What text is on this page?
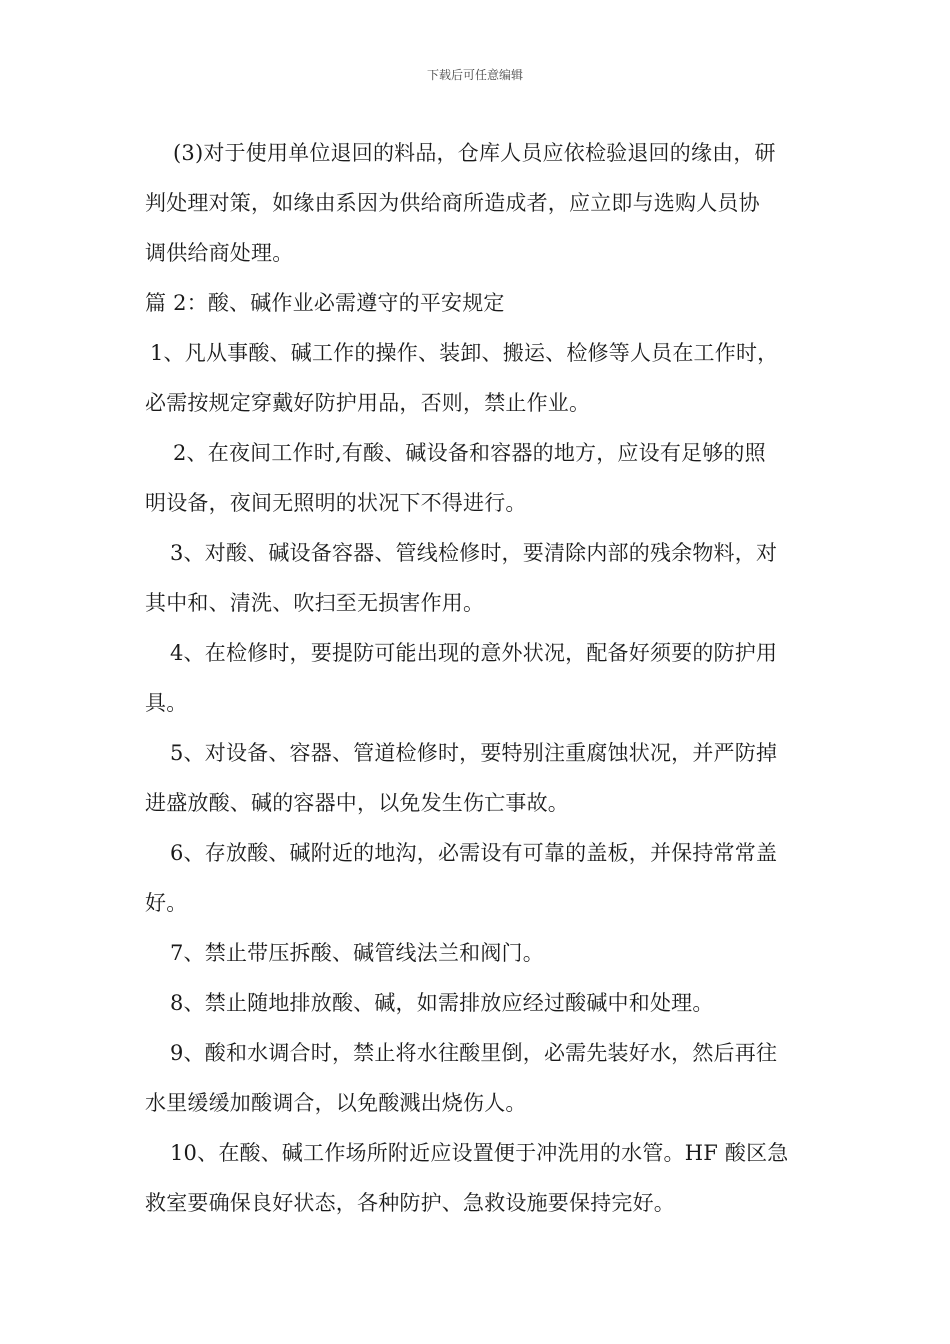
下载后可任意编辑

(3)对于使用单位退回的料品，仓库人员应依检验退回的缘由，研
判处理对策，如缘由系因为供给商所造成者，应立即与选购人员协
调供给商处理。

篇 2：酸、碱作业必需遵守的平安规定

1、凡从事酸、碱工作的操作、装卸、搬运、检修等人员在工作时，
必需按规定穿戴好防护用品，否则，禁止作业。

2、在夜间工作时,有酸、碱设备和容器的地方，应设有足够的照
明设备，夜间无照明的状况下不得进行。

3、对酸、碱设备容器、管线检修时，要清除内部的残余物料，对
其中和、清洗、吹扫至无损害作用。

4、在检修时，要提防可能出现的意外状况，配备好须要的防护用
具。

5、对设备、容器、管道检修时，要特别注重腐蚀状况，并严防掉
进盛放酸、碱的容器中，以免发生伤亡事故。

6、存放酸、碱附近的地沟，必需设有可靠的盖板，并保持常常盖
好。

7、禁止带压拆酸、碱管线法兰和阀门。

8、禁止随地排放酸、碱，如需排放应经过酸碱中和处理。

9、酸和水调合时，禁止将水往酸里倒，必需先装好水，然后再往
水里缓缓加酸调合，以免酸溅出烧伤人。

10、在酸、碱工作场所附近应设置便于冲洗用的水管。HF 酸区急
救室要确保良好状态，各种防护、急救设施要保持完好。
